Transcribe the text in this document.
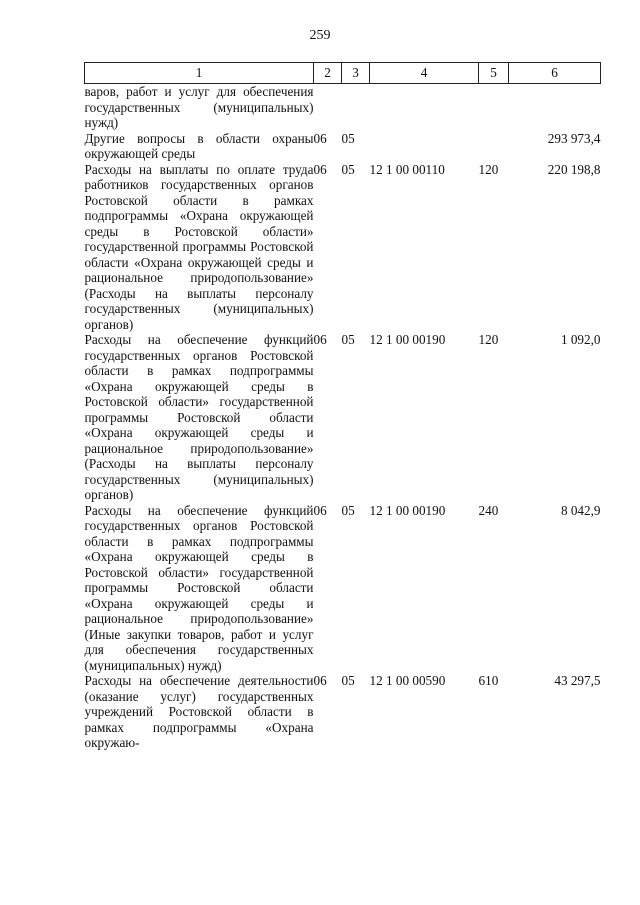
259
1	2	3	4	5	6
варов, работ и услуг для обеспечения государственных (муниципальных) нужд)					
Другие вопросы в области охраны окружающей среды	06	05			293 973,4
Расходы на выплаты по оплате труда работников государственных органов Ростовской области в рамках подпрограммы «Охрана окружающей среды в Ростовской области» государственной программы Ростовской области «Охрана окружающей среды и рациональное природопользование» (Расходы на выплаты персоналу государственных (муниципальных) органов)	06	05	12 1 00 00110	120	220 198,8
Расходы на обеспечение функций государственных органов Ростовской области в рамках подпрограммы «Охрана окружающей среды в Ростовской области» государственной программы Ростовской области «Охрана окружающей среды и рациональное природопользование» (Расходы на выплаты персоналу государственных (муниципальных) органов)	06	05	12 1 00 00190	120	1 092,0
Расходы на обеспечение функций государственных органов Ростовской области в рамках подпрограммы «Охрана окружающей среды в Ростовской области» государственной программы Ростовской области «Охрана окружающей среды и рациональное природопользование» (Иные закупки товаров, работ и услуг для обеспечения государственных (муниципальных) нужд)	06	05	12 1 00 00190	240	8 042,9
Расходы на обеспечение деятельности (оказание услуг) государственных учреждений Ростовской области в рамках подпрограммы «Охрана окружаю-	06	05	12 1 00 00590	610	43 297,5
